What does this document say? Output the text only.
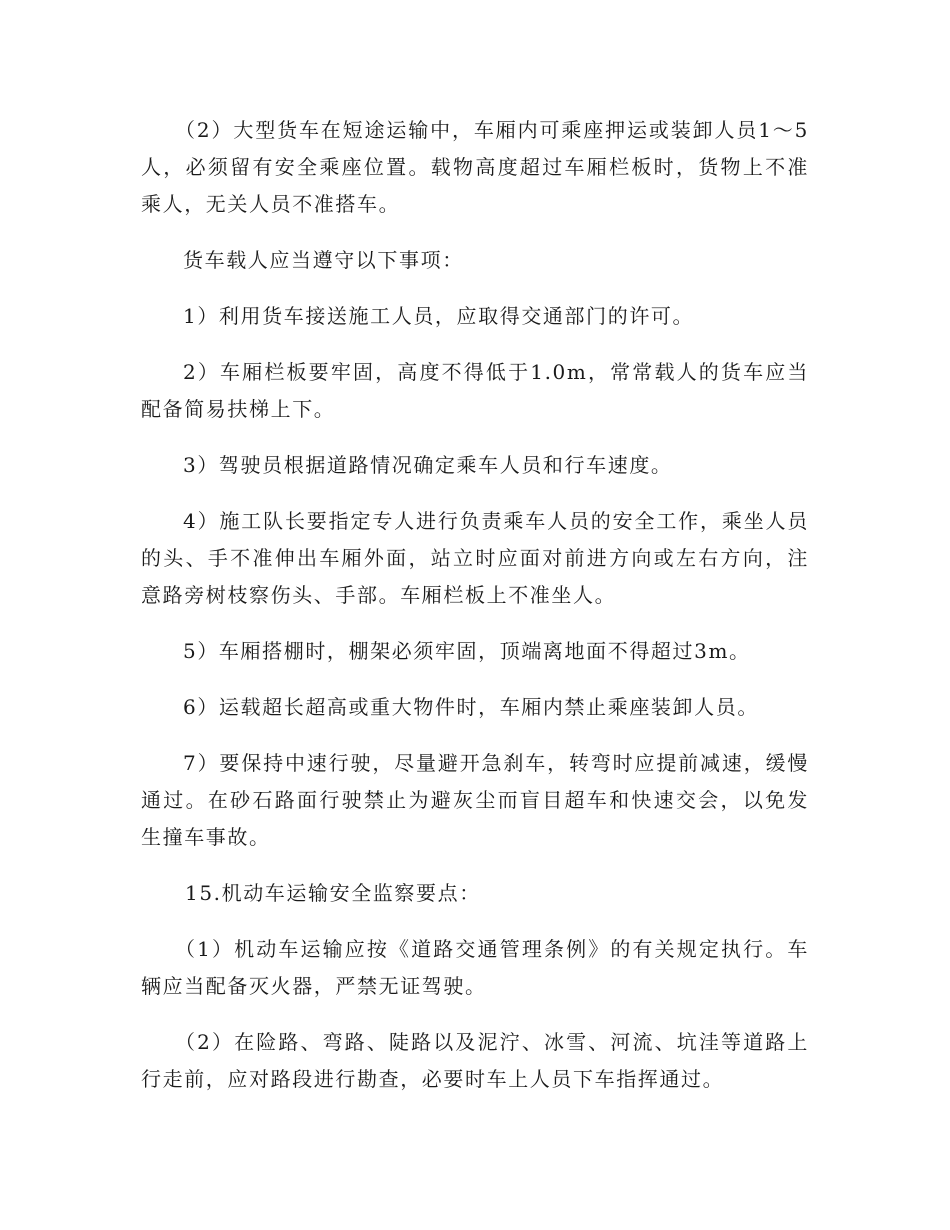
（2）大型货车在短途运输中，车厢内可乘座押运或装卸人员1～5人，必须留有安全乘座位置。载物高度超过车厢栏板时，货物上不准乘人，无关人员不准搭车。

货车载人应当遵守以下事项：

1）利用货车接送施工人员，应取得交通部门的许可。

2）车厢栏板要牢固，高度不得低于1.0m，常常载人的货车应当配备简易扶梯上下。

3）驾驶员根据道路情况确定乘车人员和行车速度。

4）施工队长要指定专人进行负责乘车人员的安全工作，乘坐人员的头、手不准伸出车厢外面，站立时应面对前进方向或左右方向，注意路旁树枝察伤头、手部。车厢栏板上不准坐人。

5）车厢搭棚时，棚架必须牢固，顶端离地面不得超过3m。

6）运载超长超高或重大物件时，车厢内禁止乘座装卸人员。

7）要保持中速行驶，尽量避开急刹车，转弯时应提前减速，缓慢通过。在砂石路面行驶禁止为避灰尘而盲目超车和快速交会，以免发生撞车事故。

15.机动车运输安全监察要点：

（1）机动车运输应按《道路交通管理条例》的有关规定执行。车辆应当配备灭火器，严禁无证驾驶。

（2）在险路、弯路、陡路以及泥泞、冰雪、河流、坑洼等道路上行走前，应对路段进行勘查，必要时车上人员下车指挥通过。
